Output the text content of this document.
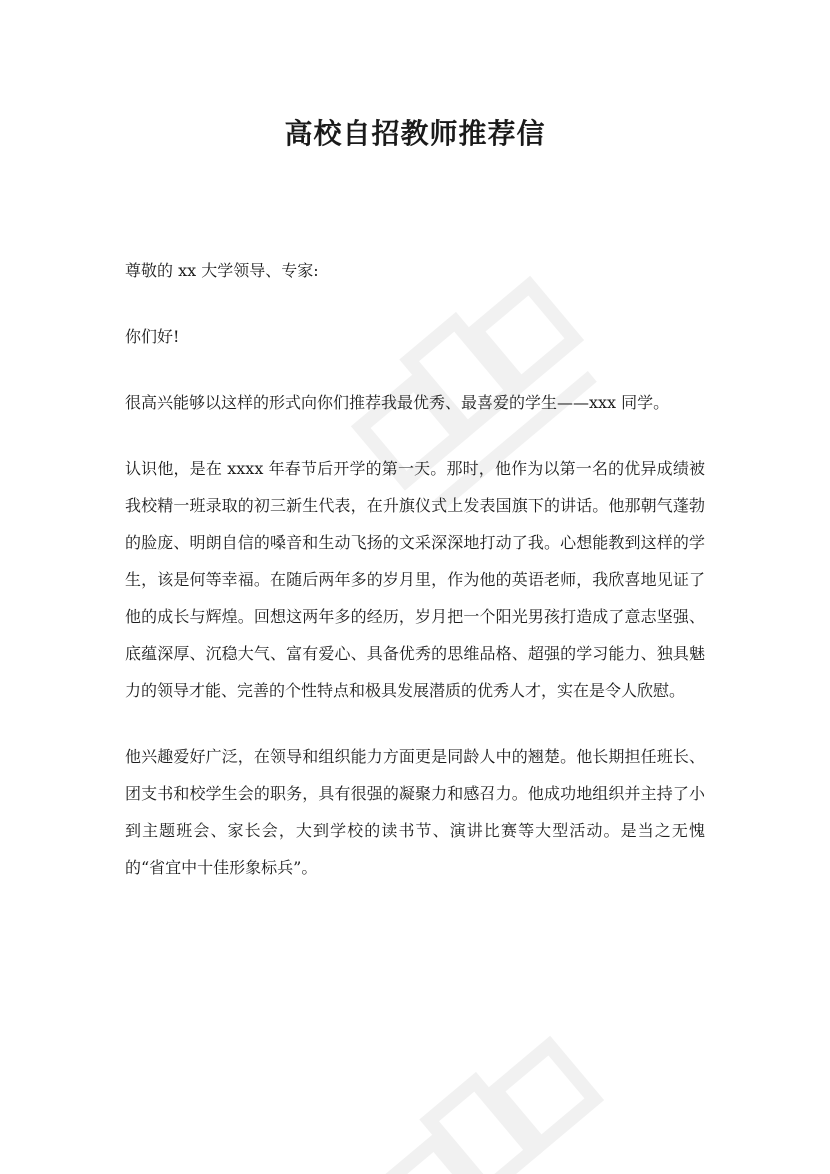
高校自招教师推荐信

尊敬的 xx 大学领导、专家:

你们好!

很高兴能够以这样的形式向你们推荐我最优秀、最喜爱的学生——xxx 同学。

认识他，是在 xxxx 年春节后开学的第一天。那时，他作为以第一名的优异成绩被我校精一班录取的初三新生代表，在升旗仪式上发表国旗下的讲话。他那朝气蓬勃的脸庞、明朗自信的嗓音和生动飞扬的文采深深地打动了我。心想能教到这样的学生，该是何等幸福。在随后两年多的岁月里，作为他的英语老师，我欣喜地见证了他的成长与辉煌。回想这两年多的经历，岁月把一个阳光男孩打造成了意志坚强、底蕴深厚、沉稳大气、富有爱心、具备优秀的思维品格、超强的学习能力、独具魅力的领导才能、完善的个性特点和极具发展潜质的优秀人才，实在是令人欣慰。

他兴趣爱好广泛，在领导和组织能力方面更是同龄人中的翘楚。他长期担任班长、团支书和校学生会的职务，具有很强的凝聚力和感召力。他成功地组织并主持了小到主题班会、家长会，大到学校的读书节、演讲比赛等大型活动。是当之无愧的“省宜中十佳形象标兵”。
